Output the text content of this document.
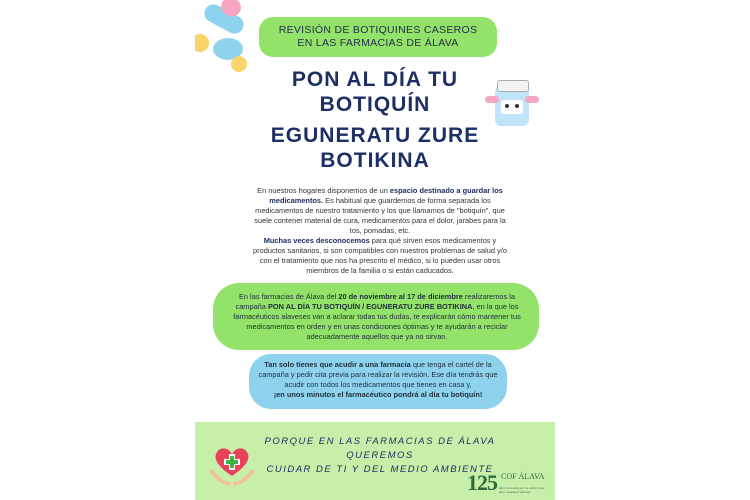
REVISIÓN DE BOTIQUINES CASEROS
EN LAS FARMACIAS DE ÁLAVA
PON AL DÍA TU
BOTIQUÍN
EGUNERATU ZURE
BOTIKINA
En nuestros hogares disponemos de un espacio destinado a guardar los medicamentos. Es habitual que guardemos de forma separada los medicamentos de nuestro tratamiento y los que llamamos de "botiquín", que suele contener material de cura, medicamentos para el dolor, jarabes para la tos, pomadas, etc.
Muchas veces desconocemos para qué sirven esos medicamentos y productos sanitarios, si son compatibles con nuestros problemas de salud y/o con el tratamiento que nos ha prescrito el médico, si lo pueden usar otros miembros de la familia o si están caducados.
En las farmacias de Álava del 20 de noviembre al 17 de diciembre realizaremos la campaña PON AL DÍA TU BOTIQUÍN / EGUNERATU ZURE BOTIKINA, en la que los farmacéuticos alaveses van a aclarar todas tus dudas, te explicarán cómo mantener tus medicamentos en orden y en unas condiciones óptimas y te ayudarán a reciclar adecuadamente aquellos que ya no sirvan.
Tan solo tienes que acudir a una farmacia que tenga el cartel de la campaña y pedir cita previa para realizar la revisión. Ese día tendrás que acudir con todos los medicamentos que tienes en casa y,
¡en unos minutos el farmacéutico pondrá al día tu botiquín!
PORQUE EN LAS FARMACIAS DE ÁLAVA QUEREMOS
CUIDAR DE TI Y DEL MEDIO AMBIENTE
125 $^{COF ÁLAVA}$
años volcados por su salud / urte zure osasunari emanaz
